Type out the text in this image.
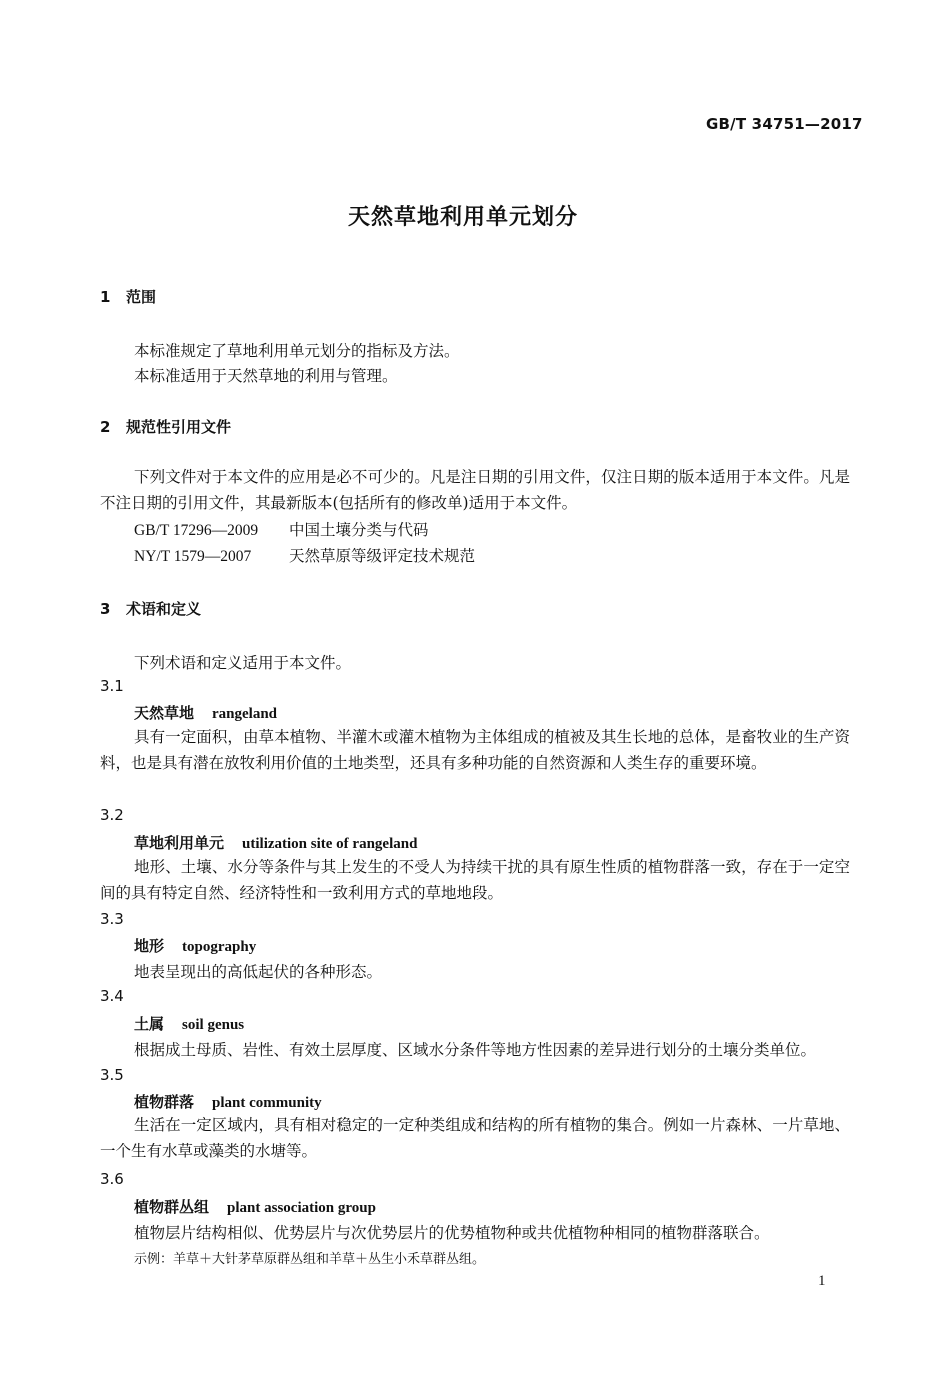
GB/T 34751—2017
天然草地利用单元划分
1 范围
本标准规定了草地利用单元划分的指标及方法。
本标准适用于天然草地的利用与管理。
2 规范性引用文件
下列文件对于本文件的应用是必不可少的。凡是注日期的引用文件，仅注日期的版本适用于本文件。凡是不注日期的引用文件，其最新版本(包括所有的修改单)适用于本文件。
GB/T 17296—2009 中国土壤分类与代码
NY/T 1579—2007 天然草原等级评定技术规范
3 术语和定义
下列术语和定义适用于本文件。
3.1
天然草地 rangeland
具有一定面积，由草本植物、半灌木或灌木植物为主体组成的植被及其生长地的总体，是畜牧业的生产资料，也是具有潜在放牧利用价值的土地类型，还具有多种功能的自然资源和人类生存的重要环境。
3.2
草地利用单元 utilization site of rangeland
地形、土壤、水分等条件与其上发生的不受人为持续干扰的具有原生性质的植物群落一致，存在于一定空间的具有特定自然、经济特性和一致利用方式的草地地段。
3.3
地形 topography
地表呈现出的高低起伏的各种形态。
3.4
土属 soil genus
根据成土母质、岩性、有效土层厚度、区域水分条件等地方性因素的差异进行划分的土壤分类单位。
3.5
植物群落 plant community
生活在一定区域内，具有相对稳定的一定种类组成和结构的所有植物的集合。例如一片森林、一片草地、一个生有水草或藻类的水塘等。
3.6
植物群丛组 plant association group
植物层片结构相似、优势层片与次优势层片的优势植物种或共优植物种相同的植物群落联合。
示例：羊草＋大针茅草原群丛组和羊草＋丛生小禾草群丛组。
1
